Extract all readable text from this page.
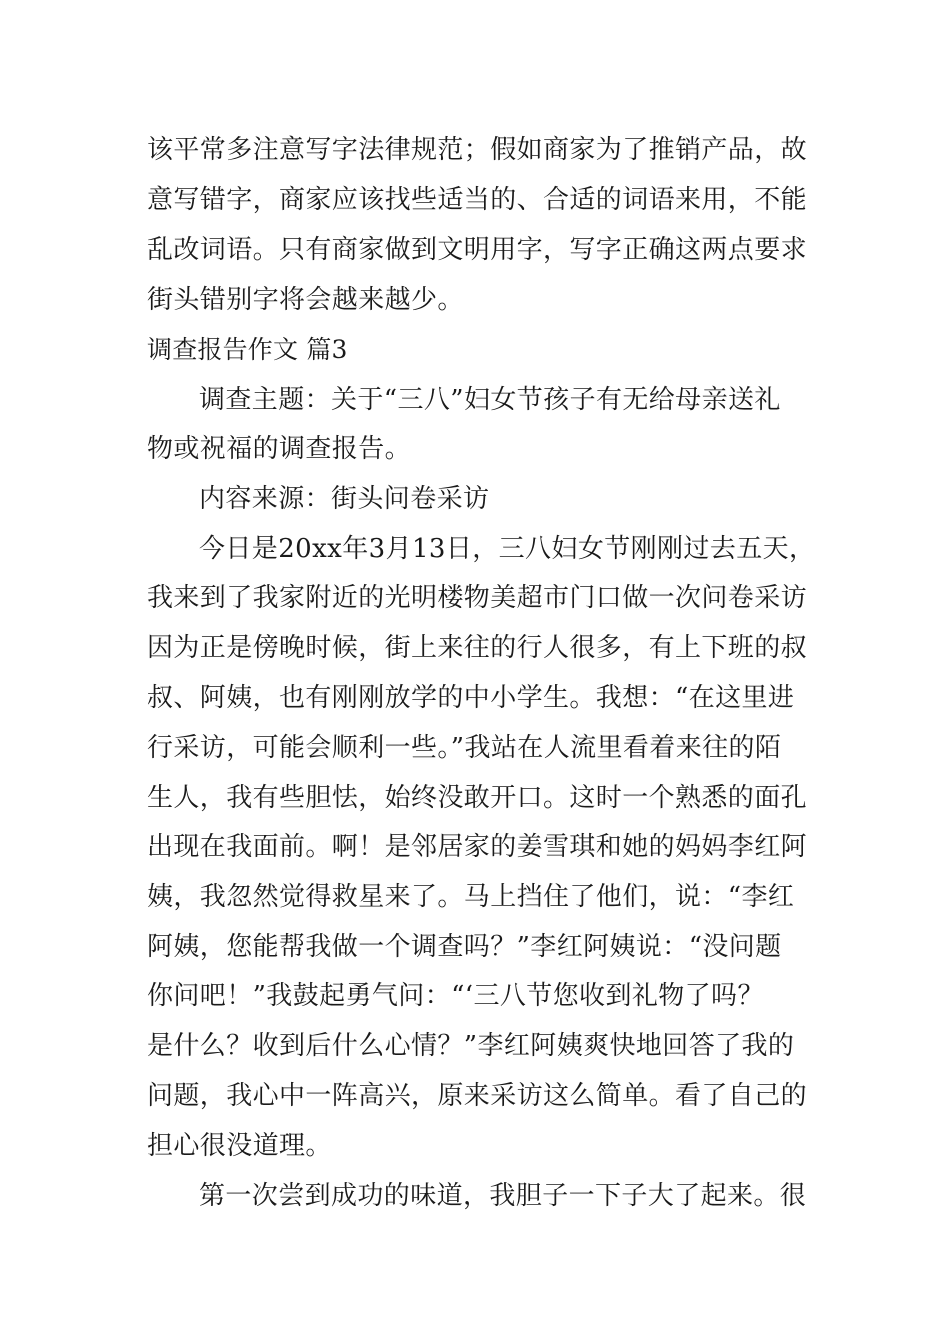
该平常多注意写字法律规范；假如商家为了推销产品，故
意写错字，商家应该找些适当的、合适的词语来用，不能
乱改词语。只有商家做到文明用字，写字正确这两点要求
街头错别字将会越来越少。
调查报告作文 篇3
调查主题：关于“三八”妇女节孩子有无给母亲送礼
物或祝福的调查报告。
内容来源：街头问卷采访
今日是20xx年3月13日，三八妇女节刚刚过去五天，
我来到了我家附近的光明楼物美超市门口做一次问卷采访
因为正是傍晚时候，街上来往的行人很多，有上下班的叔
叔、阿姨，也有刚刚放学的中小学生。我想：“在这里进
行采访，可能会顺利一些。”我站在人流里看着来往的陌
生人，我有些胆怯，始终没敢开口。这时一个熟悉的面孔
出现在我面前。啊！是邻居家的姜雪琪和她的妈妈李红阿
姨，我忽然觉得救星来了。马上挡住了他们，说：“李红
阿姨，您能帮我做一个调查吗？”李红阿姨说：“没问题
你问吧！”我鼓起勇气问：“‘三八节您收到礼物了吗？
是什么？收到后什么心情？”李红阿姨爽快地回答了我的
问题，我心中一阵高兴，原来采访这么简单。看了自己的
担心很没道理。
第一次尝到成功的味道，我胆子一下子大了起来。很
